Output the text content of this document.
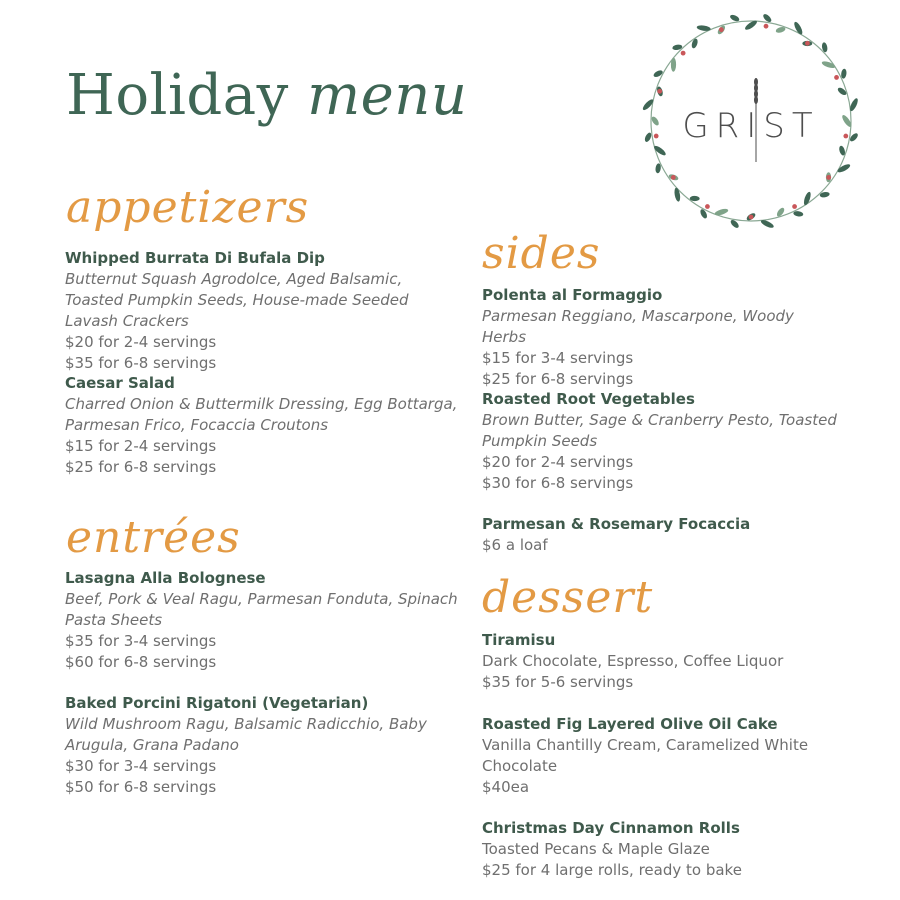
Holiday menu	GRIST
appetizers
Whipped Burrata Di Bufala Dip
Butternut Squash Agrodolce, Aged Balsamic, Toasted Pumpkin Seeds, House-made Seeded Lavash Crackers
$20 for 2-4 servings
$35 for 6-8 servings
Caesar Salad
Charred Onion & Buttermilk Dressing, Egg Bottarga, Parmesan Frico, Focaccia Croutons
$15 for 2-4 servings
$25 for 6-8 servings
entrées
Lasagna Alla Bolognese
Beef, Pork & Veal Ragu, Parmesan Fonduta, Spinach Pasta Sheets
$35 for 3-4 servings
$60 for 6-8 servings
Baked Porcini Rigatoni (Vegetarian)
Wild Mushroom Ragu, Balsamic Radicchio, Baby Arugula, Grana Padano
$30 for 3-4 servings
$50 for 6-8 servings
sides
Polenta al Formaggio
Parmesan Reggiano, Mascarpone, Woody Herbs
$15 for 3-4 servings
$25 for 6-8 servings
Roasted Root Vegetables
Brown Butter, Sage & Cranberry Pesto, Toasted Pumpkin Seeds
$20 for 2-4 servings
$30 for 6-8 servings
Parmesan & Rosemary Focaccia
$6 a loaf
dessert
Tiramisu
Dark Chocolate, Espresso, Coffee Liquor
$35 for 5-6 servings
Roasted Fig Layered Olive Oil Cake
Vanilla Chantilly Cream, Caramelized White Chocolate
$40ea
Christmas Day Cinnamon Rolls
Toasted Pecans & Maple Glaze
$25 for 4 large rolls, ready to bake
